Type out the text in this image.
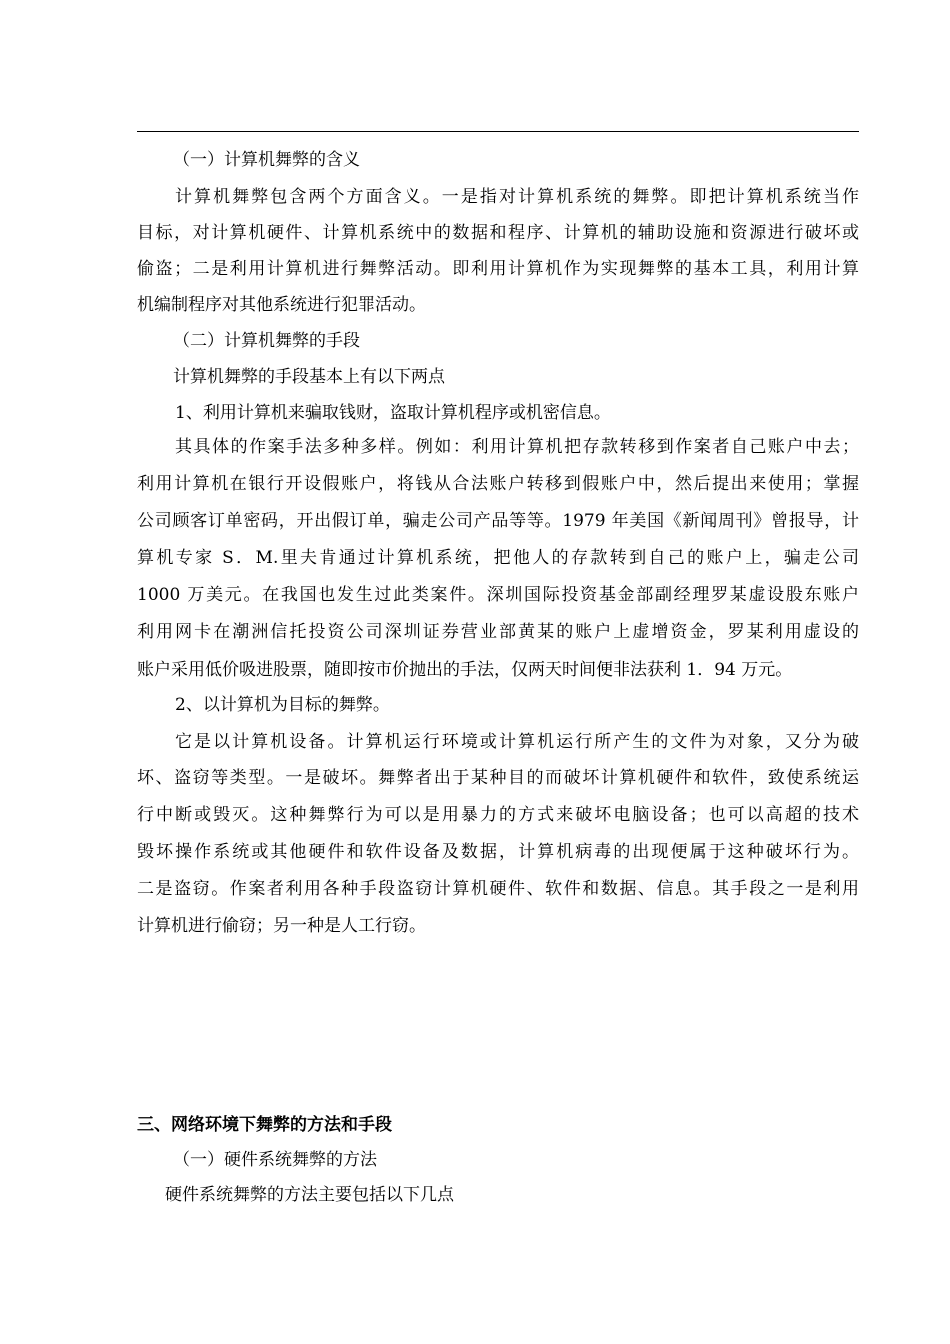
（一）计算机舞弊的含义
计算机舞弊包含两个方面含义。一是指对计算机系统的舞弊。即把计算机系统当作
目标，对计算机硬件、计算机系统中的数据和程序、计算机的辅助设施和资源进行破坏或
偷盗；二是利用计算机进行舞弊活动。即利用计算机作为实现舞弊的基本工具，利用计算
机编制程序对其他系统进行犯罪活动。
（二）计算机舞弊的手段
计算机舞弊的手段基本上有以下两点
1、利用计算机来骗取钱财，盗取计算机程序或机密信息。
其具体的作案手法多种多样。例如：利用计算机把存款转移到作案者自己账户中去；
利用计算机在银行开设假账户，将钱从合法账户转移到假账户中，然后提出来使用；掌握
公司顾客订单密码，开出假订单，骗走公司产品等等。1979 年美国《新闻周刊》曾报导，计
算机专家 S．M.里夫肯通过计算机系统，把他人的存款转到自己的账户上，骗走公司
1000 万美元。在我国也发生过此类案件。深圳国际投资基金部副经理罗某虚设股东账户
利用网卡在潮洲信托投资公司深圳证券营业部黄某的账户上虚增资金，罗某利用虚设的
账户采用低价吸进股票，随即按市价抛出的手法，仅两天时间便非法获利 1．94 万元。
2、以计算机为目标的舞弊。
它是以计算机设备。计算机运行环境或计算机运行所产生的文件为对象，又分为破
坏、盗窃等类型。一是破坏。舞弊者出于某种目的而破坏计算机硬件和软件，致使系统运
行中断或毁灭。这种舞弊行为可以是用暴力的方式来破坏电脑设备；也可以高超的技术
毁坏操作系统或其他硬件和软件设备及数据，计算机病毒的出现便属于这种破坏行为。
二是盗窃。作案者利用各种手段盗窃计算机硬件、软件和数据、信息。其手段之一是利用
计算机进行偷窃；另一种是人工行窃。
三、网络环境下舞弊的方法和手段
（一）硬件系统舞弊的方法
硬件系统舞弊的方法主要包括以下几点
